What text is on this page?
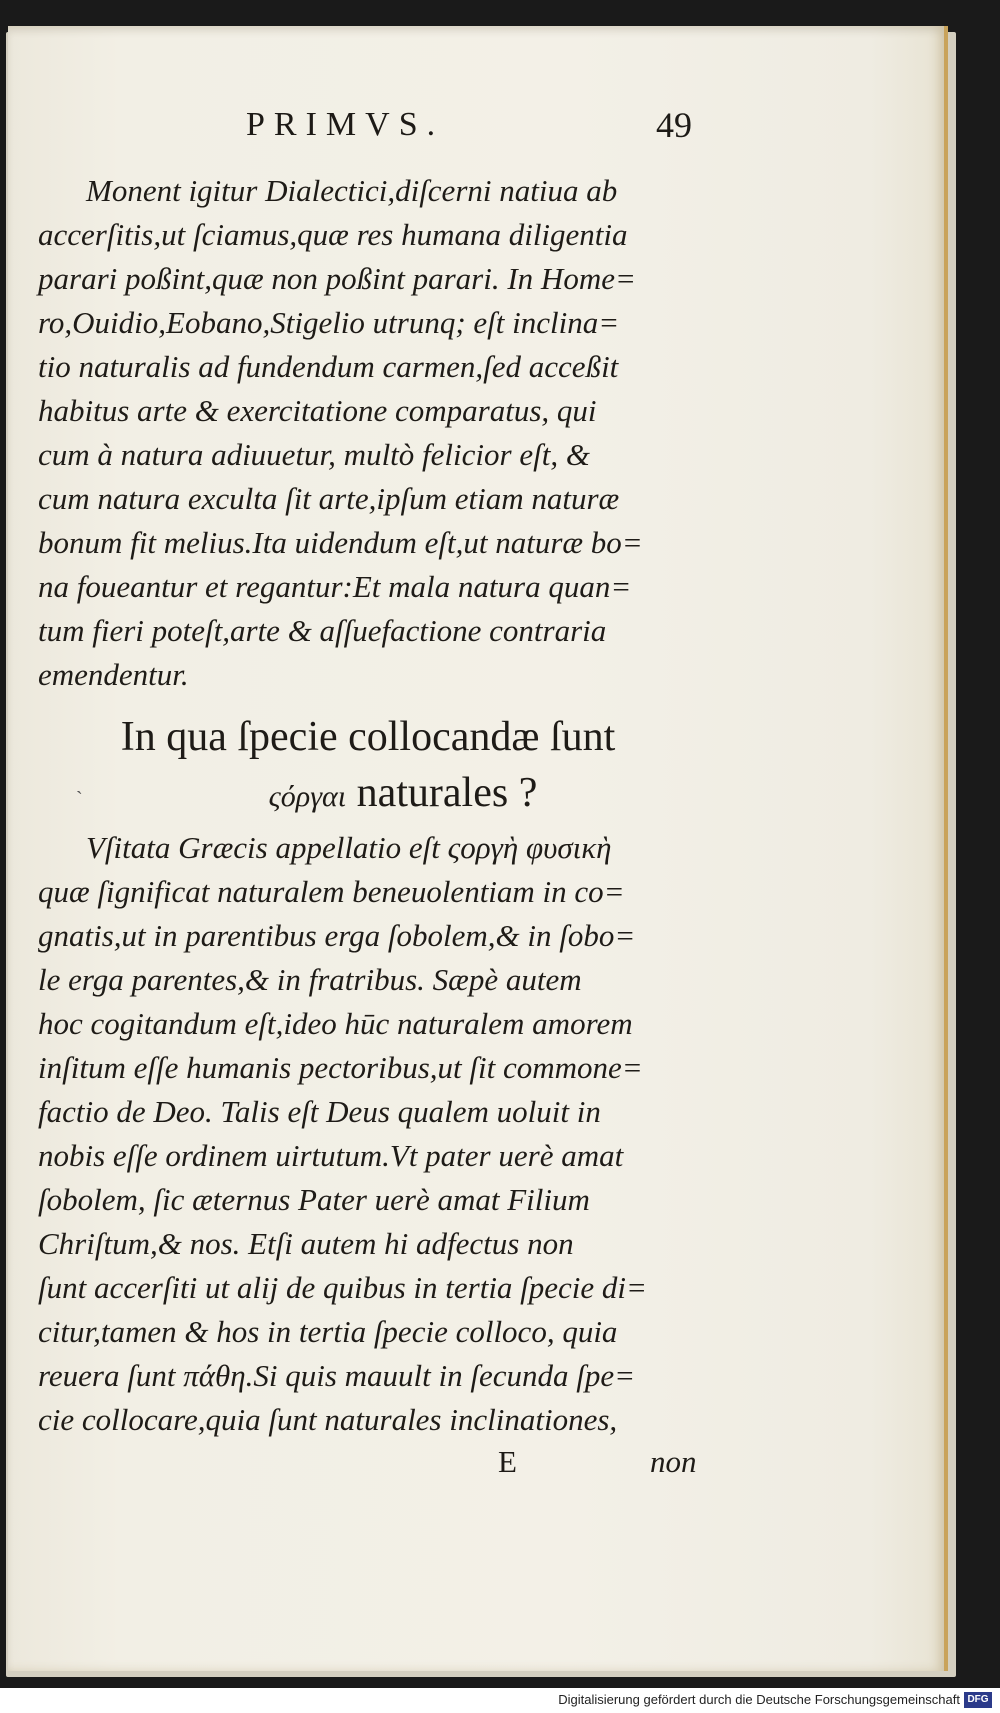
PRIMVS.	49
Monent igitur Dialectici,diſcerni natiua ab
accerſitis,ut ſciamus,quæ res humana diligentia
parari poßint,quæ non poßint parari. In Home=
ro,Ouidio,Eobano,Stigelio utrunq; eſt inclina=
tio naturalis ad fundendum carmen,ſed acceßit
habitus arte & exercitatione comparatus, qui
cum à natura adiuuetur, multò felicior eſt, &
cum natura exculta ſit arte,ipſum etiam naturæ
bonum fit melius.Ita uidendum eſt,ut naturæ bo=
na foueantur et regantur:Et mala natura quan=
tum fieri poteſt,arte & aſſuefactione contraria
emendentur.
In qua ſpecie collocandæ ſunt
ςόργαι naturales ?
ˋ
Vſitata Græcis appellatio eſt ςοργὴ φυσικὴ
quæ ſignificat naturalem beneuolentiam in co=
gnatis,ut in parentibus erga ſobolem,& in ſobo=
le erga parentes,& in fratribus. Sæpè autem
hoc cogitandum eſt,ideo hūc naturalem amorem
inſitum eſſe humanis pectoribus,ut ſit commone=
factio de Deo. Talis eſt Deus qualem uoluit in
nobis eſſe ordinem uirtutum.Vt pater uerè amat
ſobolem, ſic æternus Pater uerè amat Filium
Chriſtum,& nos. Etſi autem hi adfectus non
ſunt accerſiti ut alij de quibus in tertia ſpecie di=
citur,tamen & hos in tertia ſpecie colloco, quia
reuera ſunt πάθη.Si quis mauult in ſecunda ſpe=
cie collocare,quia ſunt naturales inclinationes,
E	non
Digitalisierung gefördert durch die Deutsche Forschungsgemeinschaft DFG
